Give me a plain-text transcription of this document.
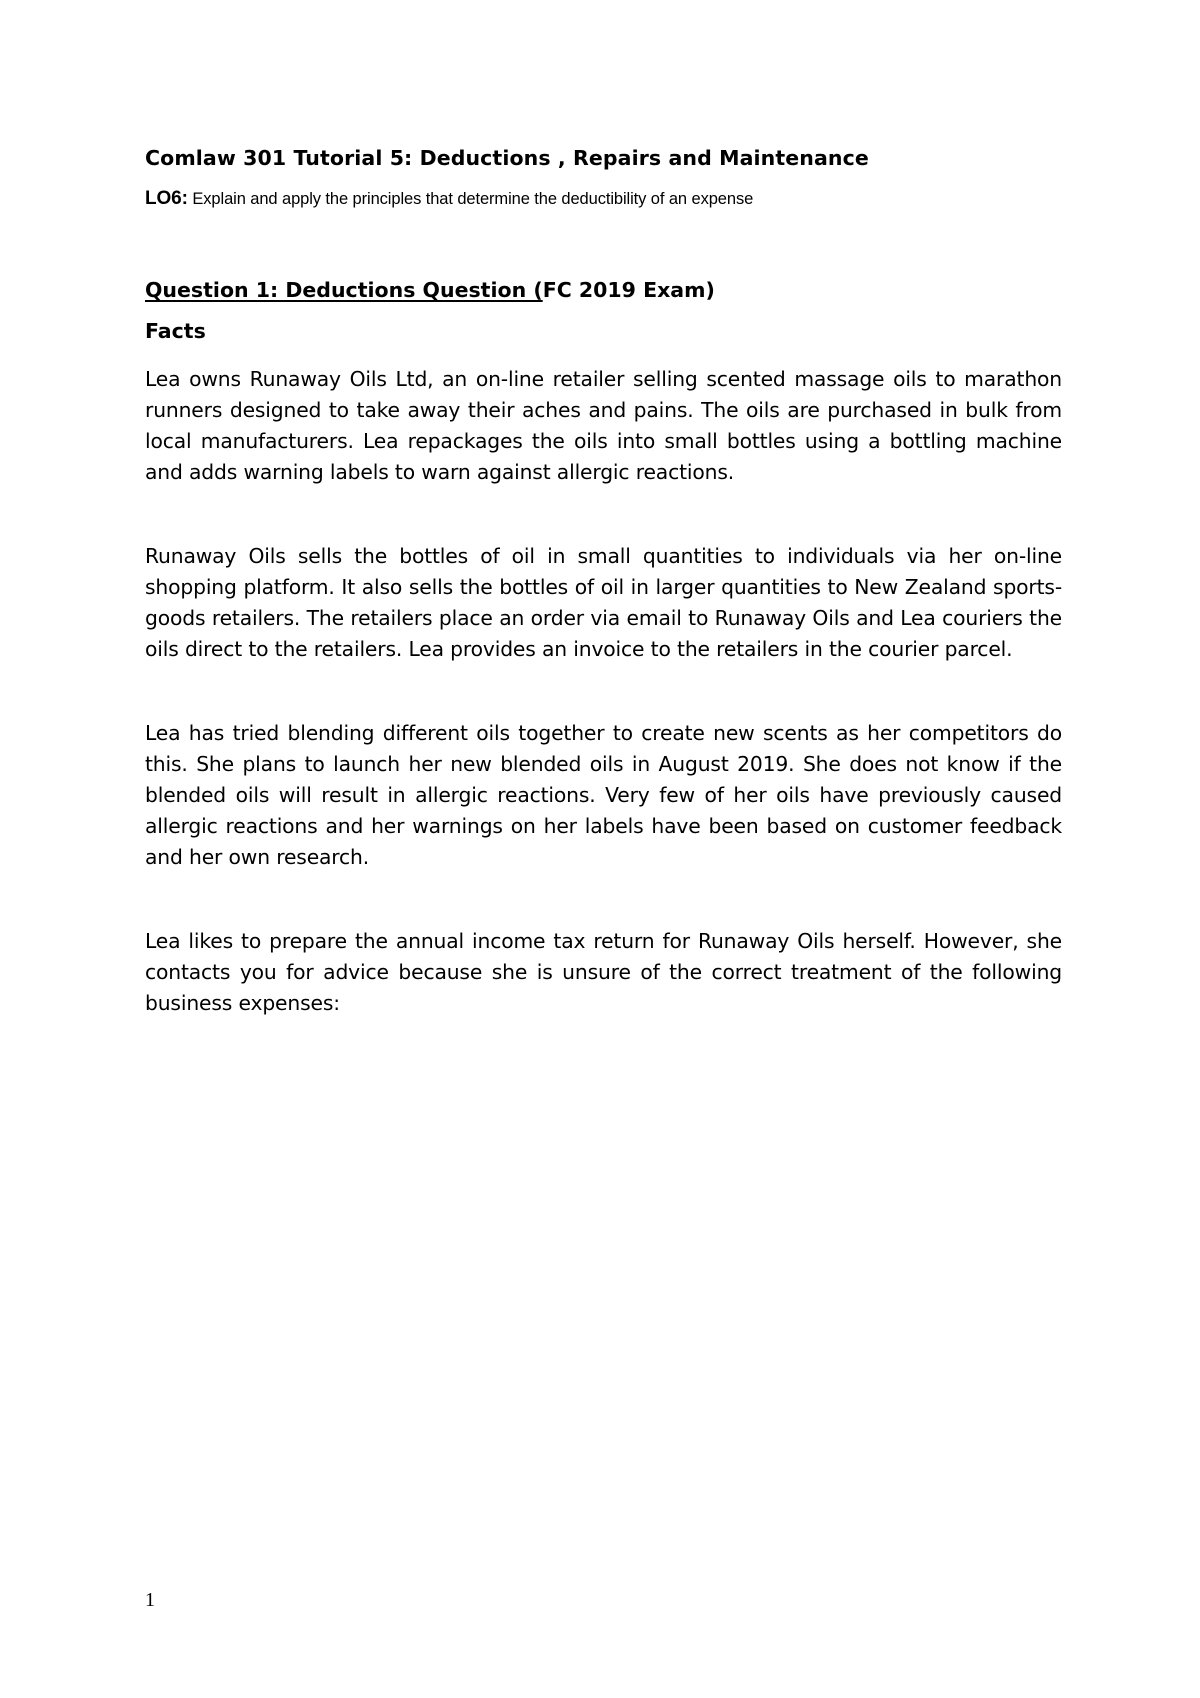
Comlaw 301 Tutorial 5: Deductions , Repairs and Maintenance

LO6: Explain and apply the principles that determine the deductibility of an expense

Question 1: Deductions Question (FC 2019 Exam)
Facts

Lea owns Runaway Oils Ltd, an on-line retailer selling scented massage oils to marathon runners designed to take away their aches and pains. The oils are purchased in bulk from local manufacturers. Lea repackages the oils into small bottles using a bottling machine and adds warning labels to warn against allergic reactions.

Runaway Oils sells the bottles of oil in small quantities to individuals via her on-line shopping platform. It also sells the bottles of oil in larger quantities to New Zealand sports-goods retailers. The retailers place an order via email to Runaway Oils and Lea couriers the oils direct to the retailers. Lea provides an invoice to the retailers in the courier parcel.

Lea has tried blending different oils together to create new scents as her competitors do this. She plans to launch her new blended oils in August 2019. She does not know if the blended oils will result in allergic reactions. Very few of her oils have previously caused allergic reactions and her warnings on her labels have been based on customer feedback and her own research.

Lea likes to prepare the annual income tax return for Runaway Oils herself. However, she contacts you for advice because she is unsure of the correct treatment of the following business expenses:

1
